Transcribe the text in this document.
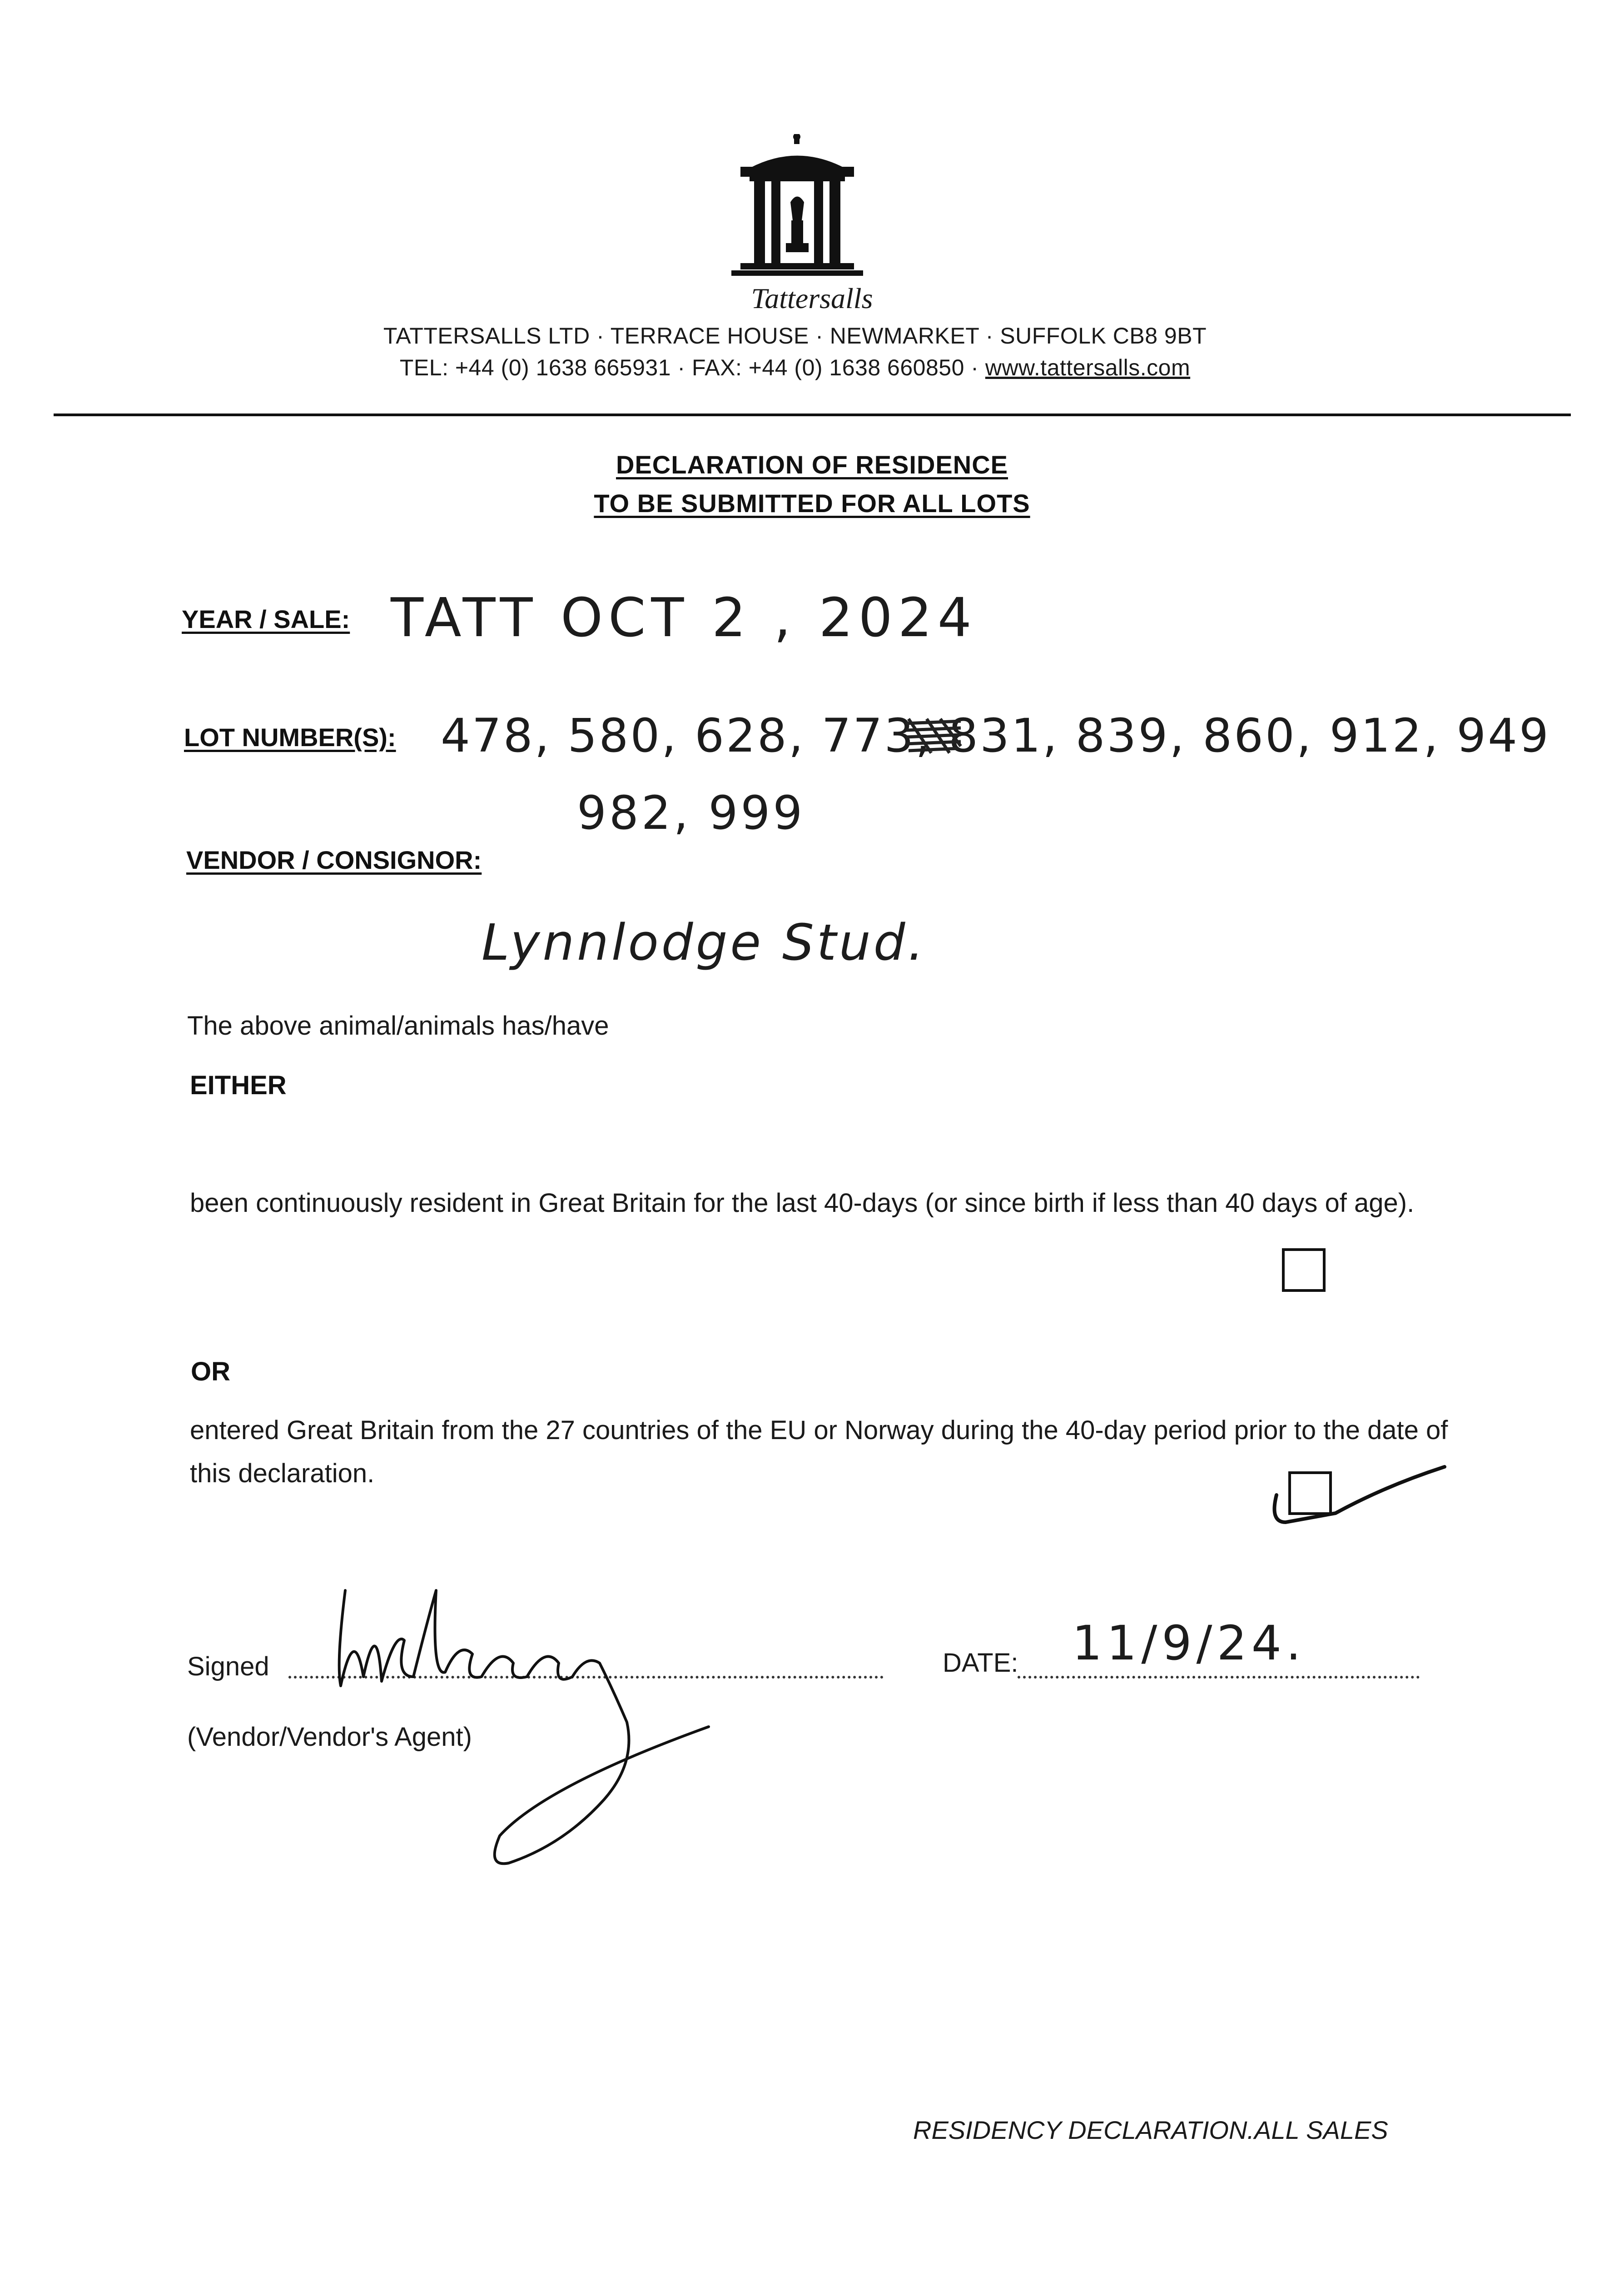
Tattersalls
TATTERSALLS LTD · TERRACE HOUSE · NEWMARKET · SUFFOLK CB8 9BT
TEL: +44 (0) 1638 665931 · FAX: +44 (0) 1638 660850 · www.tattersalls.com
DECLARATION OF RESIDENCE
TO BE SUBMITTED FOR ALL LOTS
YEAR / SALE: TATT OCT 2 , 2024
LOT NUMBER(S): 478, 580, 628, 773, 831, 839, 860, 912, 949
982, 999
VENDOR / CONSIGNOR:
Lynnlodge Stud.
The above animal/animals has/have
EITHER
been continuously resident in Great Britain for the last 40-days (or since birth if less than 40 days of age).
OR
entered Great Britain from the 27 countries of the EU or Norway during the 40-day period prior to the date of this declaration.
Signed
(Vendor/Vendor's Agent)
DATE: 11/9/24.
RESIDENCY DECLARATION.ALL SALES
